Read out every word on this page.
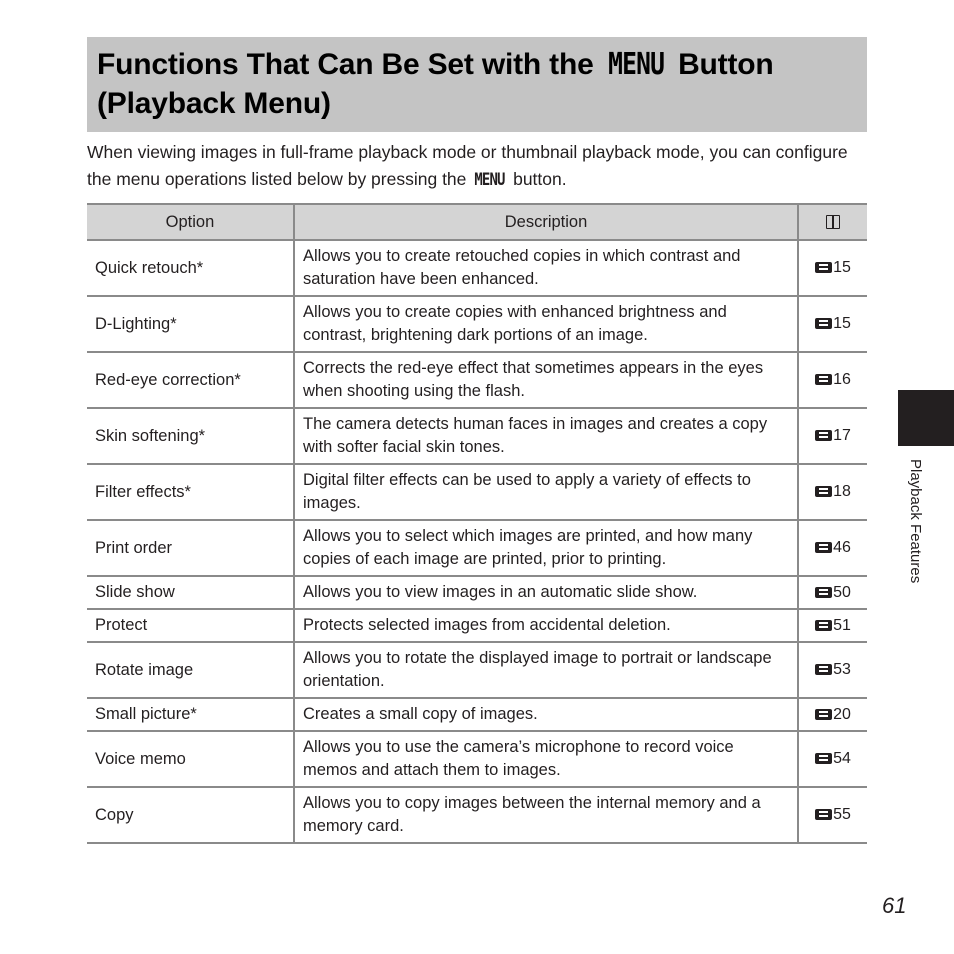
Functions That Can Be Set with the MENU Button (Playback Menu)

When viewing images in full-frame playback mode or thumbnail playback mode, you can configure the menu operations listed below by pressing the MENU button.

Option	Description	
Quick retouch*	Allows you to create retouched copies in which contrast and saturation have been enhanced.	15
D-Lighting*	Allows you to create copies with enhanced brightness and contrast, brightening dark portions of an image.	15
Red-eye correction*	Corrects the red-eye effect that sometimes appears in the eyes when shooting using the flash.	16
Skin softening*	The camera detects human faces in images and creates a copy with softer facial skin tones.	17
Filter effects*	Digital filter effects can be used to apply a variety of effects to images.	18
Print order	Allows you to select which images are printed, and how many copies of each image are printed, prior to printing.	46
Slide show	Allows you to view images in an automatic slide show.	50
Protect	Protects selected images from accidental deletion.	51
Rotate image	Allows you to rotate the displayed image to portrait or landscape orientation.	53
Small picture*	Creates a small copy of images.	20
Voice memo	Allows you to use the camera’s microphone to record voice memos and attach them to images.	54
Copy	Allows you to copy images between the internal memory and a memory card.	55
Playback Features
61
